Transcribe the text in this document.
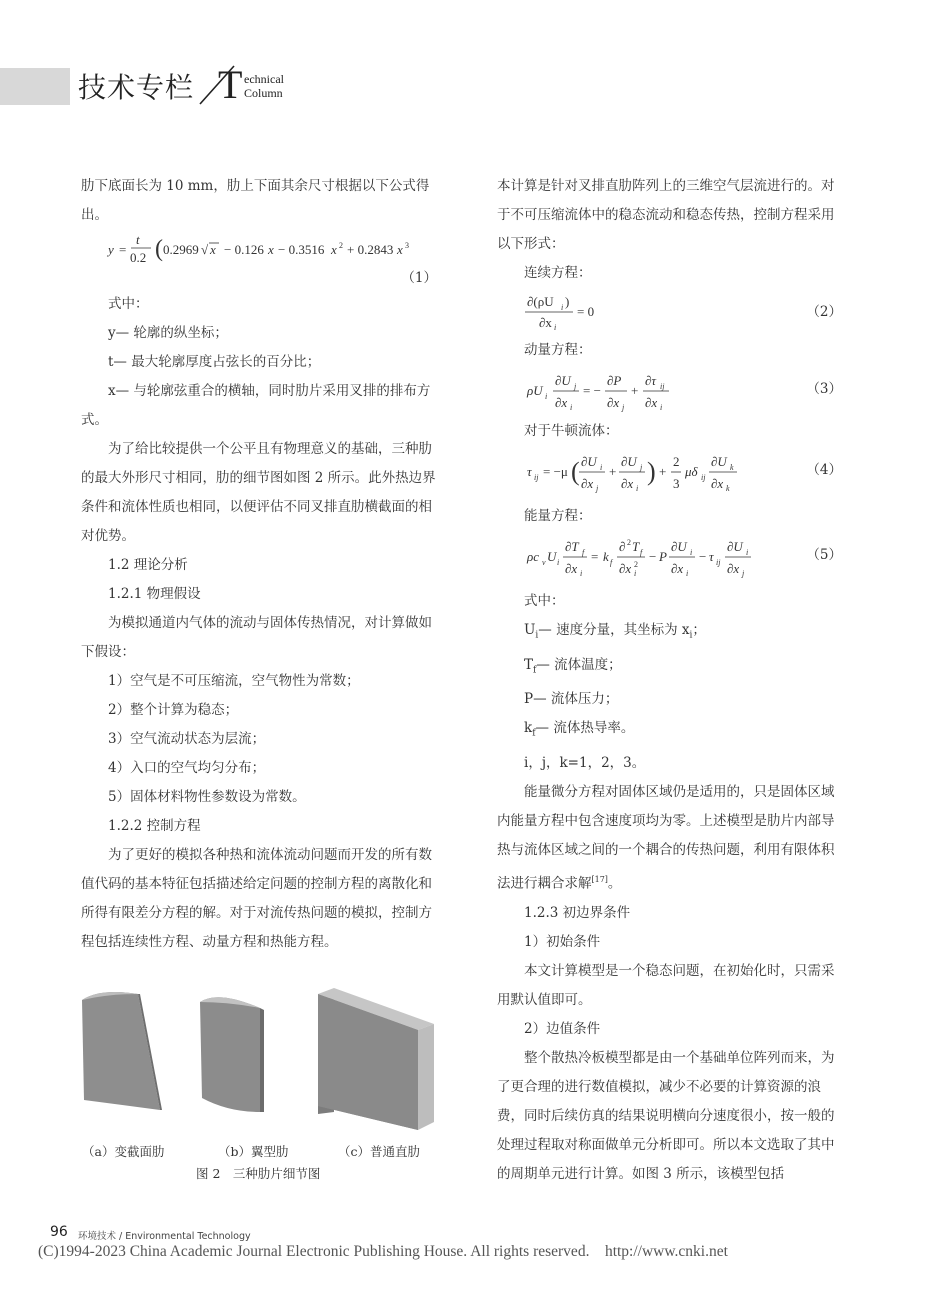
技术专栏 T echnical
Column

肋下底面长为 10 mm，肋上下面其余尺寸根据以下公式得出。

y =
t
0.2 ( 0.2969 √ x − 0.126 x − 0.3516 x 2 + 0.2843 x 3
（1）

式中：

y— 轮廓的纵坐标；

t— 最大轮廓厚度占弦长的百分比；

x— 与轮廓弦重合的横轴，同时肋片采用叉排的排布方式。

为了给比较提供一个公平且有物理意义的基础，三种肋的最大外形尺寸相同，肋的细节图如图 2 所示。此外热边界条件和流体性质也相同，以便评估不同叉排直肋横截面的相对优势。

1.2 理论分析

1.2.1 物理假设

为模拟通道内气体的流动与固体传热情况，对计算做如下假设：

1）空气是不可压缩流，空气物性为常数；

2）整个计算为稳态；

3）空气流动状态为层流；

4）入口的空气均匀分布；

5）固体材料物性参数设为常数。

1.2.2 控制方程

为了更好的模拟各种热和流体流动问题而开发的所有数值代码的基本特征包括描述给定问题的控制方程的离散化和所得有限差分方程的解。对于对流传热问题的模拟，控制方程包括连续性方程、动量方程和热能方程。

（a）变截面肋	（b）翼型肋	（c）普通直肋
图 2　三种肋片细节图

本计算是针对叉排直肋阵列上的三维空气层流进行的。对于不可压缩流体中的稳态流动和稳态传热，控制方程采用以下形式：

连续方程：

∂(ρU i )
∂x i
= 0	（2）

动量方程：

ρU i
∂U j
∂x i
= −
∂P
∂x j
+
∂τ ij
∂x i
（3）

对于牛顿流体：

τ ij = −μ ( ∂U i
∂x j
+
∂U j
∂x i
) +
2
3
μδ ij
∂U k
∂x k
（4）

能量方程：

ρc v U i
∂T f
∂x i
= k f
∂ 2 T f
∂x 2
i
− P
∂U i
∂x i
− τ ij
∂U i
∂x j
（5）

式中：

$U_i—$ 速度分量，其坐标为 $x_i$；

$T_f—$ 流体温度；

P— 流体压力；

$k_f—$ 流体热导率。

i，j，k=1，2，3。

能量微分方程对固体区域仍是适用的，只是固体区域内能量方程中包含速度项均为零。上述模型是肋片内部导热与流体区域之间的一个耦合的传热问题，利用有限体积法进行耦合求解[17]。

1.2.3 初边界条件

1）初始条件

本文计算模型是一个稳态问题，在初始化时，只需采用默认值即可。

2）边值条件

整个散热冷板模型都是由一个基础单位阵列而来，为了更合理的进行数值模拟，减少不必要的计算资源的浪费，同时后续仿真的结果说明横向分速度很小，按一般的处理过程取对称面做单元分析即可。所以本文选取了其中的周期单元进行计算。如图 3 所示，该模型包括

96 环境技术 / Environmental Technology
(C)1994-2023 China Academic Journal Electronic Publishing House. All rights reserved.    http://www.cnki.net
